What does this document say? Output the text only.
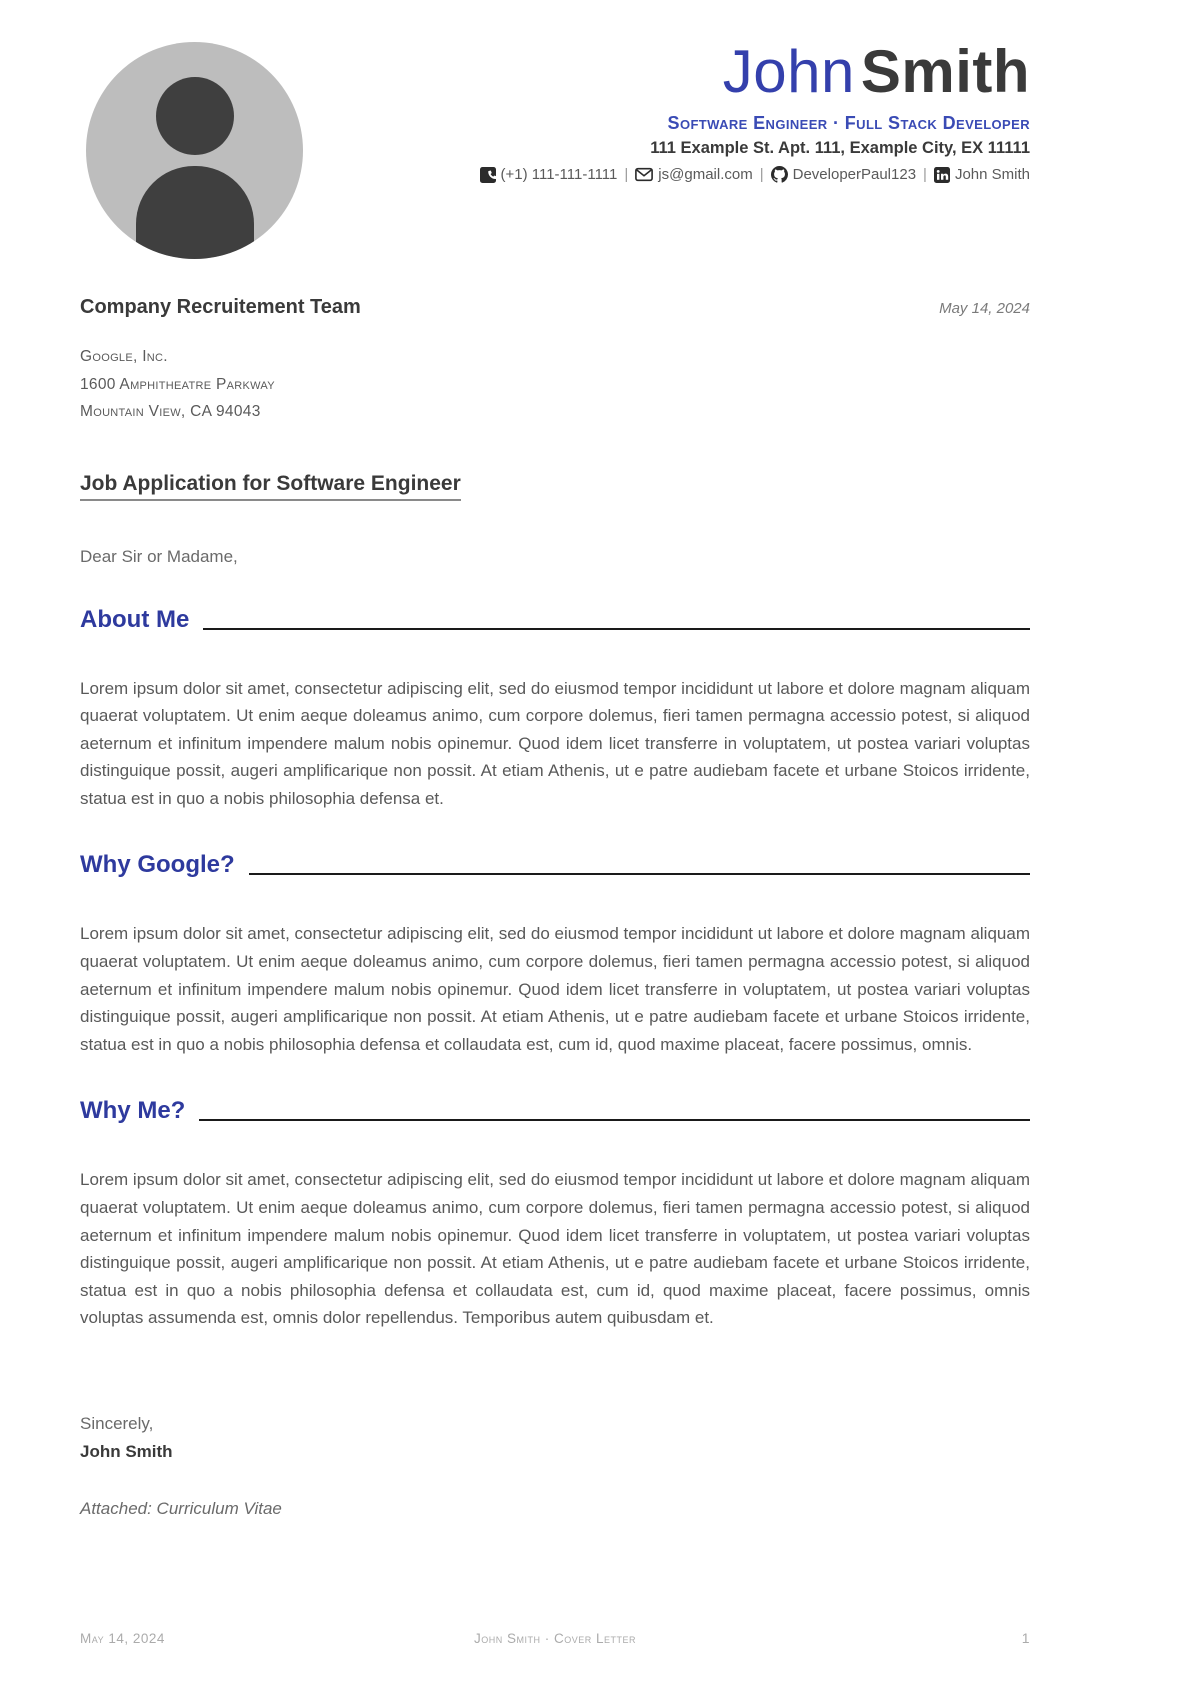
John Smith
Software Engineer · Full Stack Developer
111 Example St. Apt. 111, Example City, EX 11111
(+1) 111-111-1111 | js@gmail.com | DeveloperPaul123 | John Smith
Company Recruitement Team	May 14, 2024
Google, Inc.
1600 Amphitheatre Parkway
Mountain View, CA 94043
Job Application for Software Engineer
Dear Sir or Madame,
About Me

Lorem ipsum dolor sit amet, consectetur adipiscing elit, sed do eiusmod tempor incididunt ut labore et dolore magnam aliquam quaerat voluptatem. Ut enim aeque doleamus animo, cum corpore dolemus, fieri tamen permagna accessio potest, si aliquod aeternum et infinitum impendere malum nobis opinemur. Quod idem licet transferre in voluptatem, ut postea variari voluptas distinguique possit, augeri amplificarique non possit. At etiam Athenis, ut e patre audiebam facete et urbane Stoicos irridente, statua est in quo a nobis philosophia defensa et.

Why Google?

Lorem ipsum dolor sit amet, consectetur adipiscing elit, sed do eiusmod tempor incididunt ut labore et dolore magnam aliquam quaerat voluptatem. Ut enim aeque doleamus animo, cum corpore dolemus, fieri tamen permagna accessio potest, si aliquod aeternum et infinitum impendere malum nobis opinemur. Quod idem licet transferre in voluptatem, ut postea variari voluptas distinguique possit, augeri amplificarique non possit. At etiam Athenis, ut e patre audiebam facete et urbane Stoicos irridente, statua est in quo a nobis philosophia defensa et collaudata est, cum id, quod maxime placeat, facere possimus, omnis.

Why Me?

Lorem ipsum dolor sit amet, consectetur adipiscing elit, sed do eiusmod tempor incididunt ut labore et dolore magnam aliquam quaerat voluptatem. Ut enim aeque doleamus animo, cum corpore dolemus, fieri tamen permagna accessio potest, si aliquod aeternum et infinitum impendere malum nobis opinemur. Quod idem licet transferre in voluptatem, ut postea variari voluptas distinguique possit, augeri amplificarique non possit. At etiam Athenis, ut e patre audiebam facete et urbane Stoicos irridente, statua est in quo a nobis philosophia defensa et collaudata est, cum id, quod maxime placeat, facere possimus, omnis voluptas assumenda est, omnis dolor repellendus. Temporibus autem quibusdam et.

Sincerely,
John Smith
Attached: Curriculum Vitae
May 14, 2024	John Smith · Cover Letter	1
